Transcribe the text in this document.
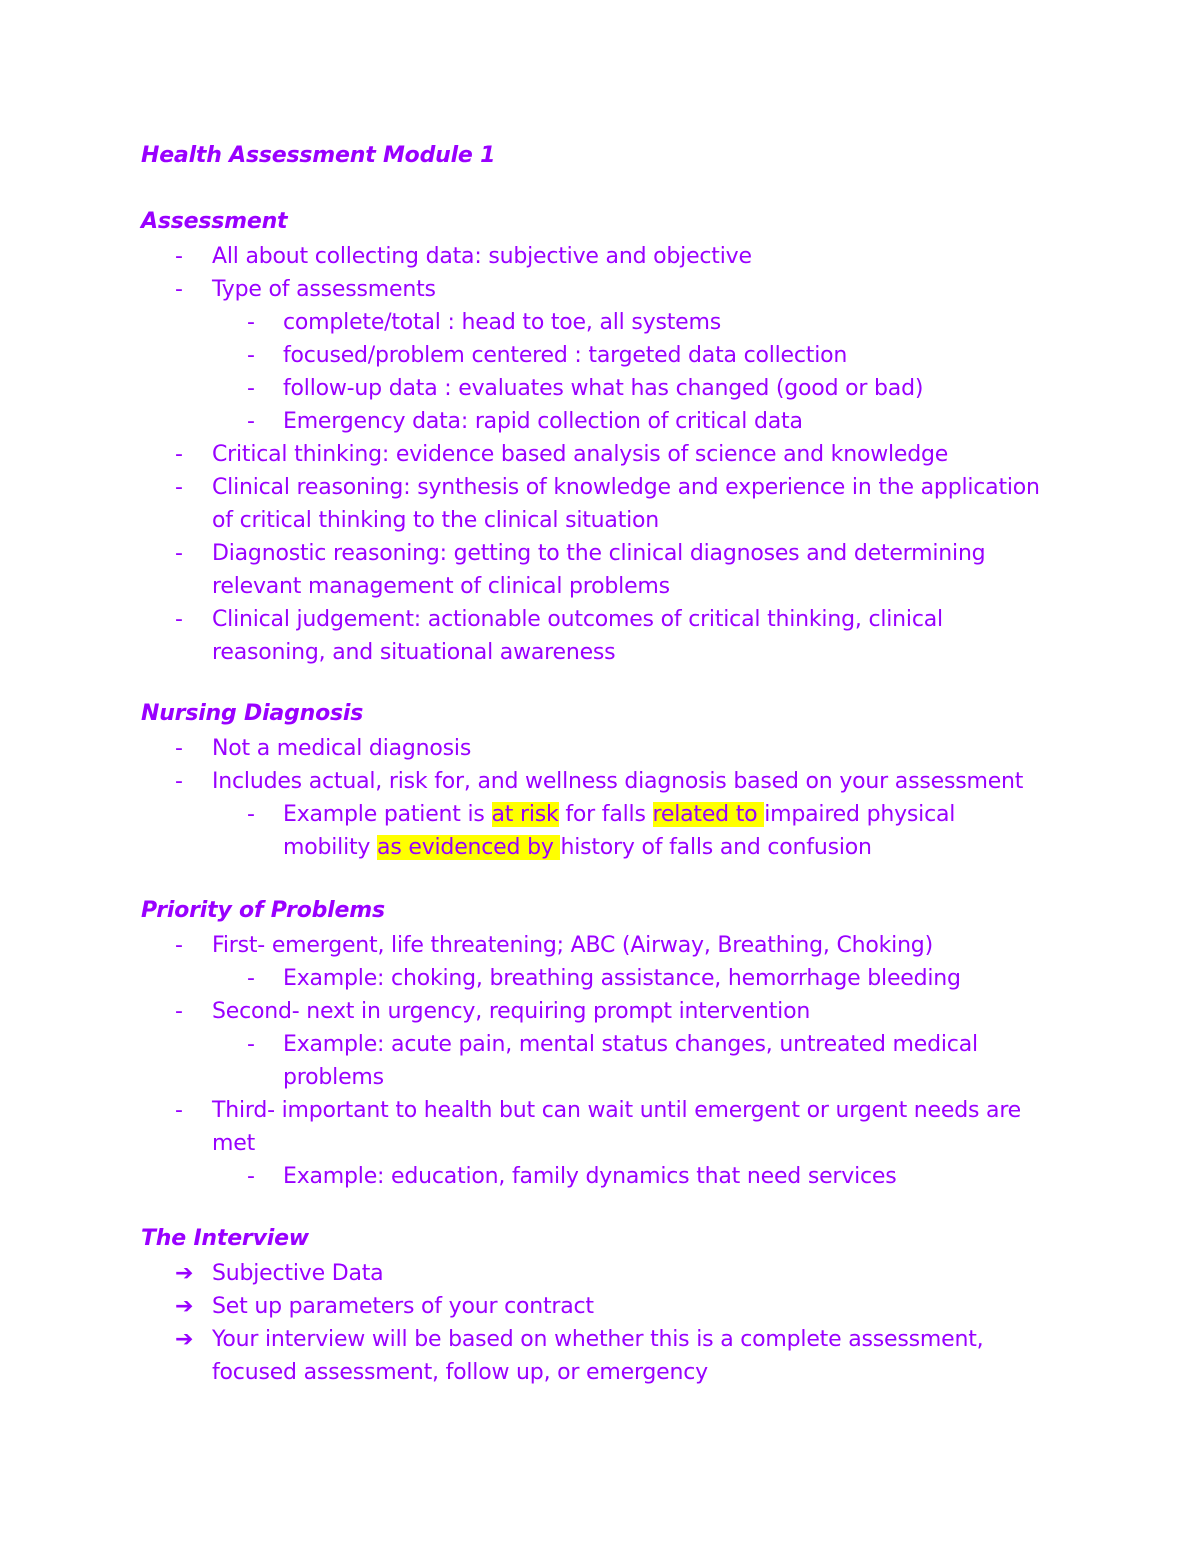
Health Assessment Module 1
Assessment
- All about collecting data: subjective and objective
- Type of assessments
- complete/total : head to toe, all systems
- focused/problem centered : targeted data collection
- follow-up data : evaluates what has changed (good or bad)
- Emergency data: rapid collection of critical data
- Critical thinking: evidence based analysis of science and knowledge
- Clinical reasoning: synthesis of knowledge and experience in the application
of critical thinking to the clinical situation
- Diagnostic reasoning: getting to the clinical diagnoses and determining
relevant management of clinical problems
- Clinical judgement: actionable outcomes of critical thinking, clinical
reasoning, and situational awareness
Nursing Diagnosis
- Not a medical diagnosis
- Includes actual, risk for, and wellness diagnosis based on your assessment
- Example patient is at risk for falls related to impaired physical
mobility as evidenced by history of falls and confusion
Priority of Problems
- First- emergent, life threatening; ABC (Airway, Breathing, Choking)
- Example: choking, breathing assistance, hemorrhage bleeding
- Second- next in urgency, requiring prompt intervention
- Example: acute pain, mental status changes, untreated medical
problems
- Third- important to health but can wait until emergent or urgent needs are
met
- Example: education, family dynamics that need services
The Interview
➔ Subjective Data
➔ Set up parameters of your contract
➔ Your interview will be based on whether this is a complete assessment,
focused assessment, follow up, or emergency
